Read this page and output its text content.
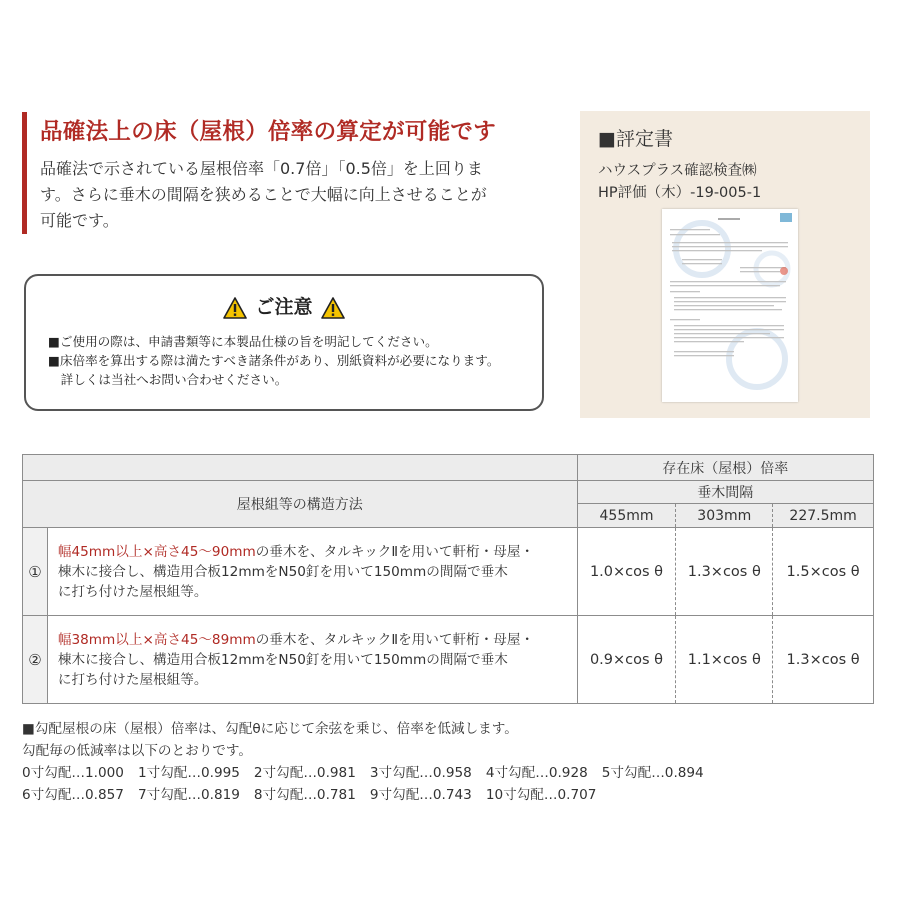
品確法上の床（屋根）倍率の算定が可能です
品確法で示されている屋根倍率「0.7倍」「0.5倍」を上回りま
す。さらに垂木の間隔を狭めることで大幅に向上させることが
可能です。
ご注意
■ご使用の際は、申請書類等に本製品仕様の旨を明記してください。
■床倍率を算出する際は満たすべき諸条件があり、別紙資料が必要になります。
　詳しくは当社へお問い合わせください。
■評定書
ハウスプラス確認検査㈱
HP評価（木）-19-005-1
		存在床（屋根）倍率		
屋根組等の構造方法		垂木間隔		
		455mm	303mm	227.5mm
①	幅45mm以上×高さ45～90mmの垂木を、タルキックⅡを用いて軒桁・母屋・
棟木に接合し、構造用合板12mmをN50釘を用いて150mmの間隔で垂木
に打ち付けた屋根組等。	1.0×cos θ	1.3×cos θ	1.5×cos θ
②	幅38mm以上×高さ45～89mmの垂木を、タルキックⅡを用いて軒桁・母屋・
棟木に接合し、構造用合板12mmをN50釘を用いて150mmの間隔で垂木
に打ち付けた屋根組等。	0.9×cos θ	1.1×cos θ	1.3×cos θ
■勾配屋根の床（屋根）倍率は、勾配θに応じて余弦を乗じ、倍率を低減します。
勾配毎の低減率は以下のとおりです。
0寸勾配…1.000 1寸勾配…0.995 2寸勾配…0.981 3寸勾配…0.958 4寸勾配…0.928 5寸勾配…0.894
6寸勾配…0.857 7寸勾配…0.819 8寸勾配…0.781 9寸勾配…0.743 10寸勾配…0.707
